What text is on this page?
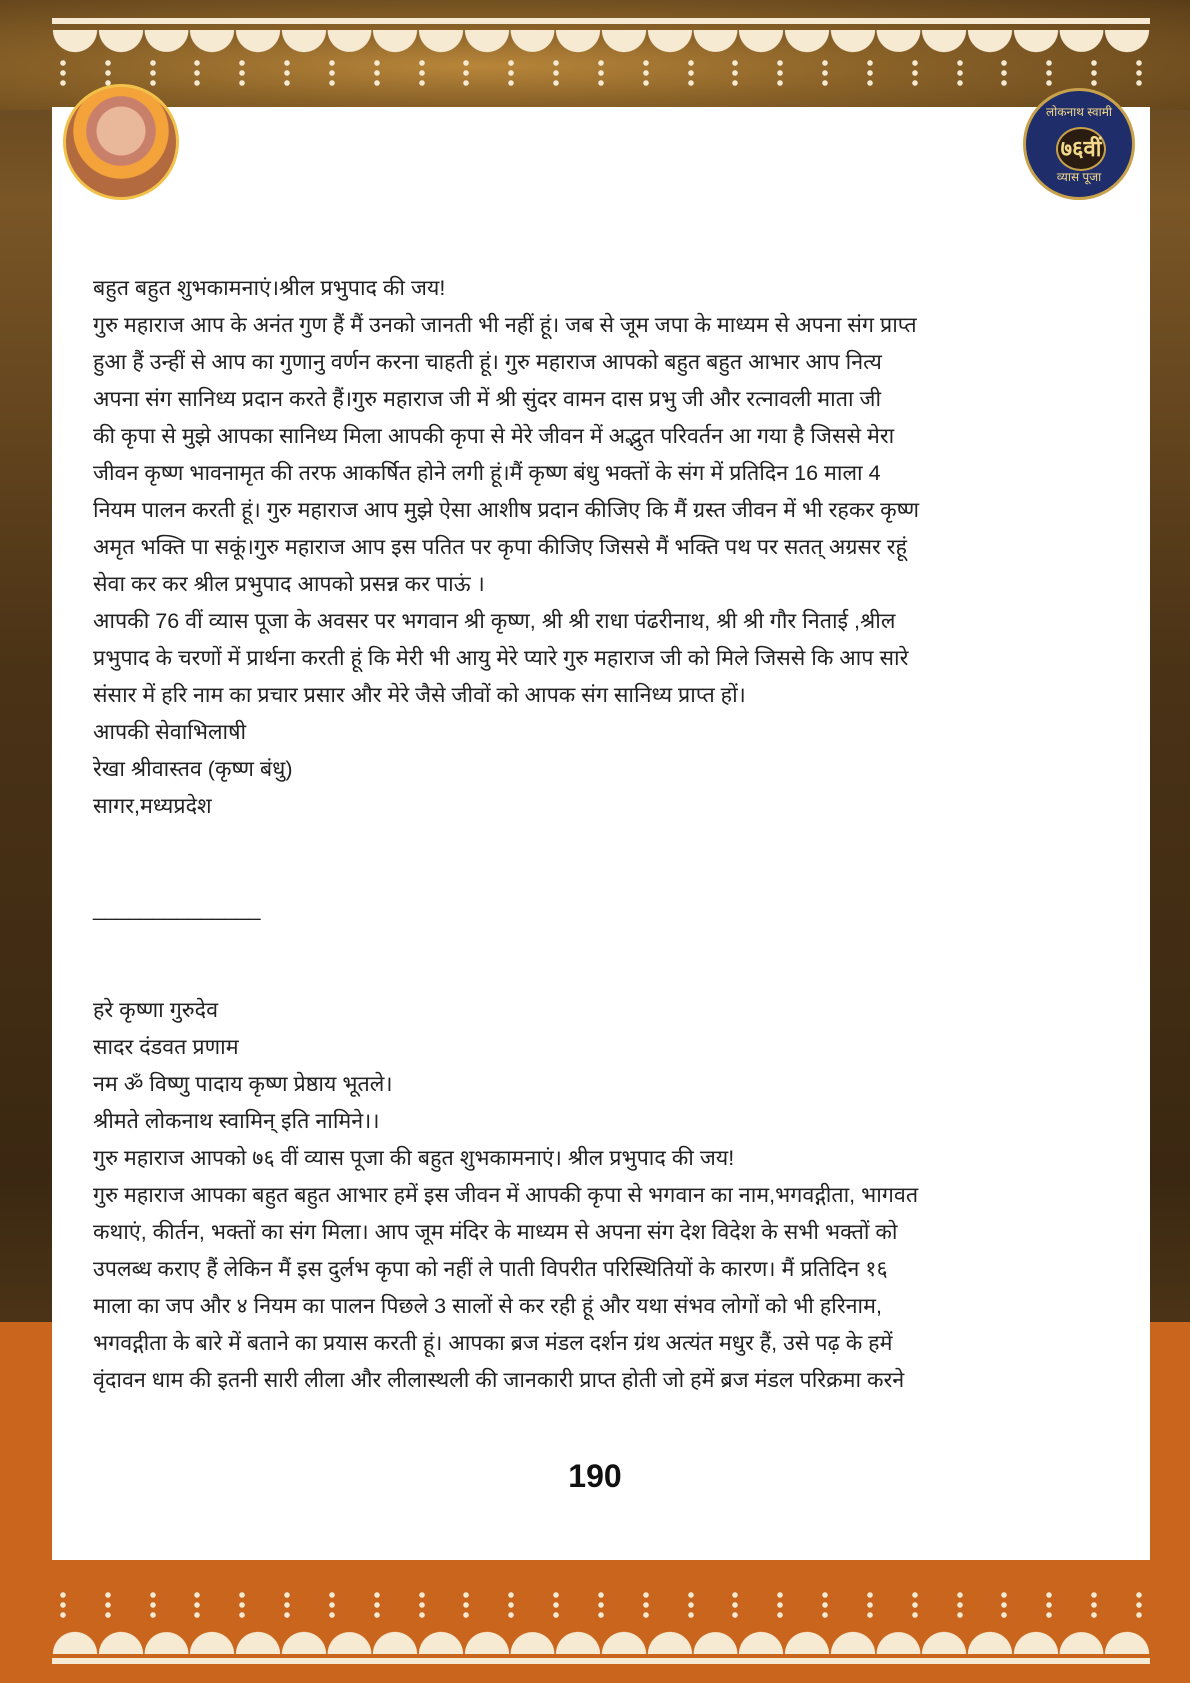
लोकनाथ स्वामी
७६वीं
व्यास पूजा
बहुत बहुत शुभकामनाएं।श्रील प्रभुपाद की जय!
गुरु महाराज आप के अनंत गुण हैं मैं उनको जानती भी नहीं हूं। जब से जूम जपा के माध्यम से अपना संग प्राप्त
हुआ हैं उन्हीं से आप का गुणानु वर्णन करना चाहती हूं। गुरु महाराज आपको बहुत बहुत आभार आप नित्य
अपना संग सानिध्य प्रदान करते हैं।गुरु महाराज जी में श्री सुंदर वामन दास प्रभु जी और रत्नावली माता जी
की कृपा से मुझे आपका सानिध्य मिला आपकी कृपा से मेरे जीवन में अद्भुत परिवर्तन आ गया है जिससे मेरा
जीवन कृष्ण भावनामृत की तरफ आकर्षित होने लगी हूं।मैं कृष्ण बंधु भक्तों के संग में प्रतिदिन 16 माला 4
नियम पालन करती हूं। गुरु महाराज आप मुझे ऐसा आशीष प्रदान कीजिए कि मैं ग्रस्त जीवन में भी रहकर कृष्ण
अमृत भक्ति पा सकूं।गुरु महाराज आप इस पतित पर कृपा कीजिए जिससे मैं भक्ति पथ पर सतत् अग्रसर रहूं
सेवा कर कर श्रील प्रभुपाद आपको प्रसन्न कर पाऊं ।
आपकी 76 वीं व्यास पूजा के अवसर पर भगवान श्री कृष्ण, श्री श्री राधा पंढरीनाथ, श्री श्री गौर निताई ,श्रील
प्रभुपाद के चरणों में प्रार्थना करती हूं कि मेरी भी आयु मेरे प्यारे गुरु महाराज जी को मिले जिससे कि आप सारे
संसार में हरि नाम का प्रचार प्रसार और मेरे जैसे जीवों को आपक संग सानिध्य प्राप्त हों।
आपकी सेवाभिलाषी
रेखा श्रीवास्तव (कृष्ण बंधु)
सागर,मध्यप्रदेश
______________
हरे कृष्णा गुरुदेव
सादर दंडवत प्रणाम
नम ॐ विष्णु पादाय कृष्ण प्रेष्ठाय भूतले।
श्रीमते लोकनाथ स्वामिन् इति नामिने।।
गुरु महाराज आपको ७६ वीं व्यास पूजा की बहुत शुभकामनाएं। श्रील प्रभुपाद की जय!
गुरु महाराज आपका बहुत बहुत आभार हमें इस जीवन में आपकी कृपा से भगवान का नाम,भगवद्गीता, भागवत
कथाएं, कीर्तन, भक्तों का संग मिला। आप जूम मंदिर के माध्यम से अपना संग देश विदेश के सभी भक्तों को
उपलब्ध कराए हैं लेकिन मैं इस दुर्लभ कृपा को नहीं ले पाती विपरीत परिस्थितियों के कारण। मैं प्रतिदिन १६
माला का जप और ४ नियम का पालन पिछले 3 सालों से कर रही हूं और यथा संभव लोगों को भी हरिनाम,
भगवद्गीता के बारे में बताने का प्रयास करती हूं। आपका ब्रज मंडल दर्शन ग्रंथ अत्यंत मधुर हैं, उसे पढ़ के हमें
वृंदावन धाम की इतनी सारी लीला और लीलास्थली की जानकारी प्राप्त होती जो हमें ब्रज मंडल परिक्रमा करने
190
